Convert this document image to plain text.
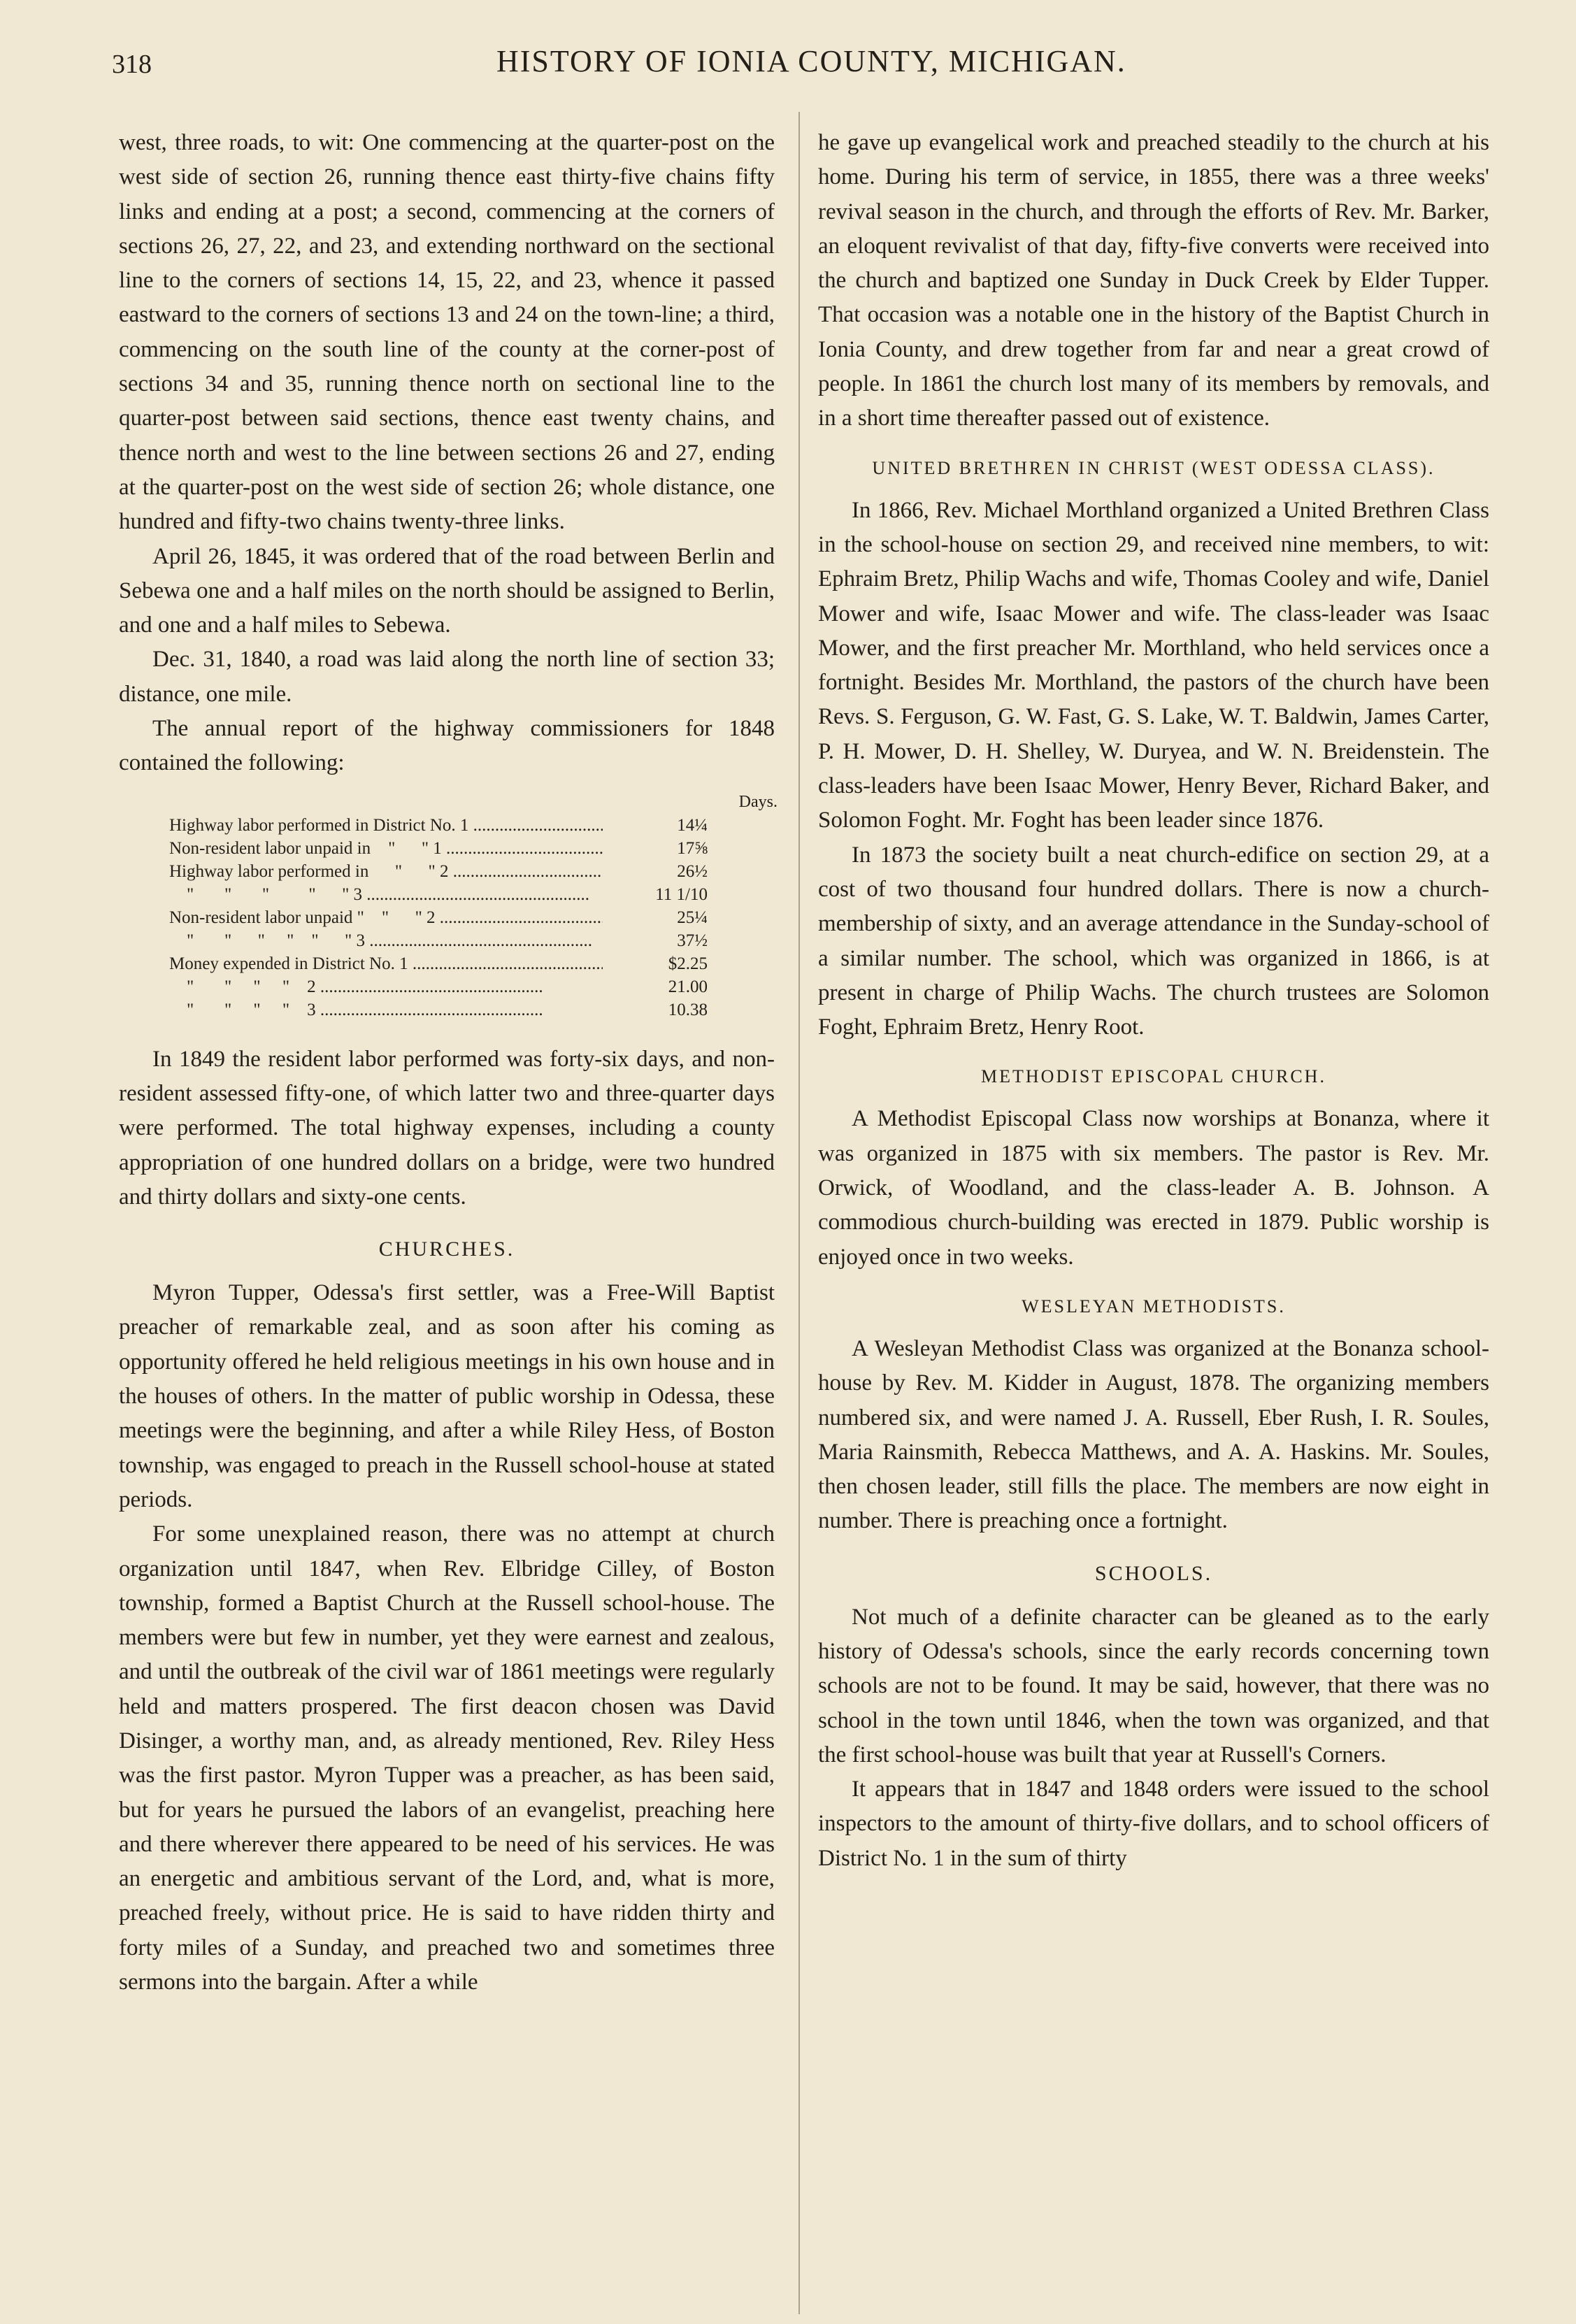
318	HISTORY OF IONIA COUNTY, MICHIGAN.

west, three roads, to wit: One commencing at the quarter-post on the west side of section 26, running thence east thirty-five chains fifty links and ending at a post; a second, commencing at the corners of sections 26, 27, 22, and 23, and extending northward on the sectional line to the corners of sections 14, 15, 22, and 23, whence it passed eastward to the corners of sections 13 and 24 on the town-line; a third, commencing on the south line of the county at the corner-post of sections 34 and 35, running thence north on sectional line to the quarter-post between said sections, thence east twenty chains, and thence north and west to the line between sections 26 and 27, ending at the quarter-post on the west side of section 26; whole distance, one hundred and fifty-two chains twenty-three links.

April 26, 1845, it was ordered that of the road between Berlin and Sebewa one and a half miles on the north should be assigned to Berlin, and one and a half miles to Sebewa.

Dec. 31, 1840, a road was laid along the north line of section 33; distance, one mile.

The annual report of the highway commissioners for 1848 contained the following:

Days.
Highway labor performed in District No. 1 .....	14¼
Non-resident labor unpaid in    "      " 1 .....	17⅝
Highway labor performed in      "      " 2 .....	26½
"       "       "         "      " 3 .....	11 1/10
Non-resident labor unpaid "    "      " 2 .....	25¼
"       "      "     "    "      " 3 .....	37½
Money expended in District No. 1 .....	$2.25
"       "     "     "    2 .....	21.00
"       "     "     "    3 .....	10.38

In 1849 the resident labor performed was forty-six days, and non-resident assessed fifty-one, of which latter two and three-quarter days were performed. The total highway expenses, including a county appropriation of one hundred dollars on a bridge, were two hundred and thirty dollars and sixty-one cents.

CHURCHES.

Myron Tupper, Odessa's first settler, was a Free-Will Baptist preacher of remarkable zeal, and as soon after his coming as opportunity offered he held religious meetings in his own house and in the houses of others. In the matter of public worship in Odessa, these meetings were the beginning, and after a while Riley Hess, of Boston township, was engaged to preach in the Russell school-house at stated periods.

For some unexplained reason, there was no attempt at church organization until 1847, when Rev. Elbridge Cilley, of Boston township, formed a Baptist Church at the Russell school-house. The members were but few in number, yet they were earnest and zealous, and until the outbreak of the civil war of 1861 meetings were regularly held and matters prospered. The first deacon chosen was David Disinger, a worthy man, and, as already mentioned, Rev. Riley Hess was the first pastor. Myron Tupper was a preacher, as has been said, but for years he pursued the labors of an evangelist, preaching here and there wherever there appeared to be need of his services. He was an energetic and ambitious servant of the Lord, and, what is more, preached freely, without price. He is said to have ridden thirty and forty miles of a Sunday, and preached two and sometimes three sermons into the bargain. After a while

he gave up evangelical work and preached steadily to the church at his home. During his term of service, in 1855, there was a three weeks' revival season in the church, and through the efforts of Rev. Mr. Barker, an eloquent revivalist of that day, fifty-five converts were received into the church and baptized one Sunday in Duck Creek by Elder Tupper. That occasion was a notable one in the history of the Baptist Church in Ionia County, and drew together from far and near a great crowd of people. In 1861 the church lost many of its members by removals, and in a short time thereafter passed out of existence.

UNITED BRETHREN IN CHRIST (WEST ODESSA CLASS).

In 1866, Rev. Michael Morthland organized a United Brethren Class in the school-house on section 29, and received nine members, to wit: Ephraim Bretz, Philip Wachs and wife, Thomas Cooley and wife, Daniel Mower and wife, Isaac Mower and wife. The class-leader was Isaac Mower, and the first preacher Mr. Morthland, who held services once a fortnight. Besides Mr. Morthland, the pastors of the church have been Revs. S. Ferguson, G. W. Fast, G. S. Lake, W. T. Baldwin, James Carter, P. H. Mower, D. H. Shelley, W. Duryea, and W. N. Breidenstein. The class-leaders have been Isaac Mower, Henry Bever, Richard Baker, and Solomon Foght. Mr. Foght has been leader since 1876.

In 1873 the society built a neat church-edifice on section 29, at a cost of two thousand four hundred dollars. There is now a church-membership of sixty, and an average attendance in the Sunday-school of a similar number. The school, which was organized in 1866, is at present in charge of Philip Wachs. The church trustees are Solomon Foght, Ephraim Bretz, Henry Root.

METHODIST EPISCOPAL CHURCH.

A Methodist Episcopal Class now worships at Bonanza, where it was organized in 1875 with six members. The pastor is Rev. Mr. Orwick, of Woodland, and the class-leader A. B. Johnson. A commodious church-building was erected in 1879. Public worship is enjoyed once in two weeks.

WESLEYAN METHODISTS.

A Wesleyan Methodist Class was organized at the Bonanza school-house by Rev. M. Kidder in August, 1878. The organizing members numbered six, and were named J. A. Russell, Eber Rush, I. R. Soules, Maria Rainsmith, Rebecca Matthews, and A. A. Haskins. Mr. Soules, then chosen leader, still fills the place. The members are now eight in number. There is preaching once a fortnight.

SCHOOLS.

Not much of a definite character can be gleaned as to the early history of Odessa's schools, since the early records concerning town schools are not to be found. It may be said, however, that there was no school in the town until 1846, when the town was organized, and that the first school-house was built that year at Russell's Corners.

It appears that in 1847 and 1848 orders were issued to the school inspectors to the amount of thirty-five dollars, and to school officers of District No. 1 in the sum of thirty
